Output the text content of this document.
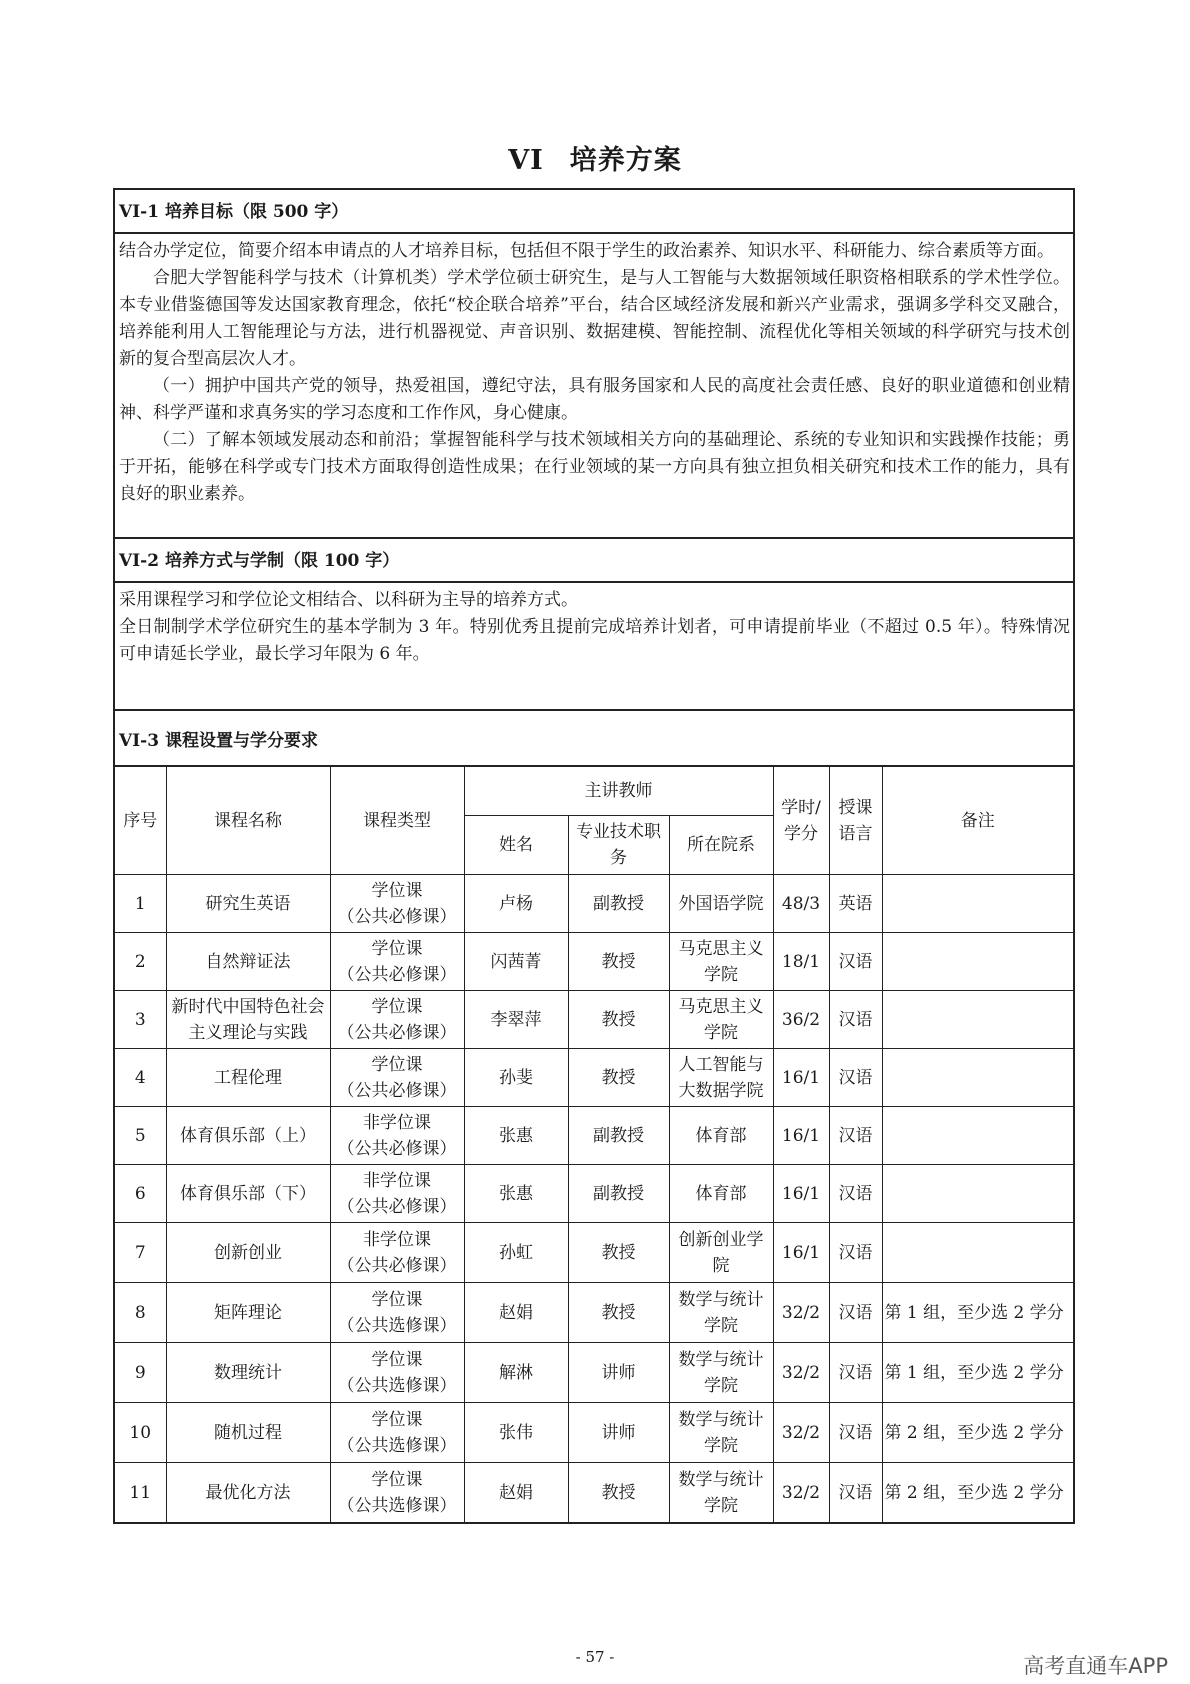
VI 培养方案
VI-1 培养目标（限 500 字）

结合办学定位，简要介绍本申请点的人才培养目标，包括但不限于学生的政治素养、知识水平、科研能力、综合素质等方面。

合肥大学智能科学与技术（计算机类）学术学位硕士研究生，是与人工智能与大数据领域任职资格相联系的学术性学位。本专业借鉴德国等发达国家教育理念，依托“校企联合培养”平台，结合区域经济发展和新兴产业需求，强调多学科交叉融合，培养能利用人工智能理论与方法，进行机器视觉、声音识别、数据建模、智能控制、流程优化等相关领域的科学研究与技术创新的复合型高层次人才。

（一）拥护中国共产党的领导，热爱祖国，遵纪守法，具有服务国家和人民的高度社会责任感、良好的职业道德和创业精神、科学严谨和求真务实的学习态度和工作作风，身心健康。

（二）了解本领域发展动态和前沿；掌握智能科学与技术领域相关方向的基础理论、系统的专业知识和实践操作技能；勇于开拓，能够在科学或专门技术方面取得创造性成果；在行业领域的某一方向具有独立担负相关研究和技术工作的能力，具有良好的职业素养。

VI-2 培养方式与学制（限 100 字）

采用课程学习和学位论文相结合、以科研为主导的培养方式。

全日制制学术学位研究生的基本学制为 3 年。特别优秀且提前完成培养计划者，可申请提前毕业（不超过 0.5 年）。特殊情况可申请延长学业，最长学习年限为 6 年。

VI-3 课程设置与学分要求
序号	课程名称	课程类型	主讲教师			学时/学分	授课语言	备注
			姓名	专业技术职务	所在院系			
1	研究生英语	学位课
（公共必修课）	卢杨	副教授	外国语学院	48/3	英语	
2	自然辩证法	学位课
（公共必修课）	闪茜菁	教授	马克思主义学院	18/1	汉语	
3	新时代中国特色社会主义理论与实践	学位课
（公共必修课）	李翠萍	教授	马克思主义学院	36/2	汉语	
4	工程伦理	学位课
（公共必修课）	孙斐	教授	人工智能与大数据学院	16/1	汉语	
5	体育俱乐部（上）	非学位课
（公共必修课）	张惠	副教授	体育部	16/1	汉语	
6	体育俱乐部（下）	非学位课
（公共必修课）	张惠	副教授	体育部	16/1	汉语	
7	创新创业	非学位课
（公共必修课）	孙虹	教授	创新创业学院	16/1	汉语	
8	矩阵理论	学位课
（公共选修课）	赵娟	教授	数学与统计学院	32/2	汉语	第 1 组，至少选 2 学分
9	数理统计	学位课
（公共选修课）	解淋	讲师	数学与统计学院	32/2	汉语	第 1 组，至少选 2 学分
10	随机过程	学位课
（公共选修课）	张伟	讲师	数学与统计学院	32/2	汉语	第 2 组，至少选 2 学分
11	最优化方法	学位课
（公共选修课）	赵娟	教授	数学与统计学院	32/2	汉语	第 2 组，至少选 2 学分
- 57 -	高考直通车APP
